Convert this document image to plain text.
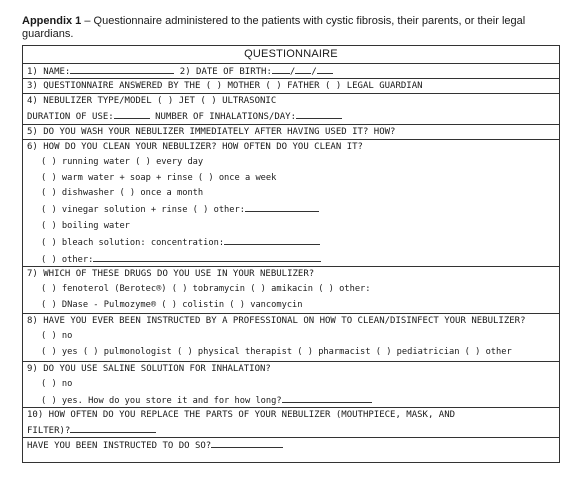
Appendix 1 – Questionnaire administered to the patients with cystic fibrosis, their parents, or their legal guardians.
QUESTIONNAIRE
1) NAME:	2) DATE OF BIRTH: / /
3) QUESTIONNAIRE ANSWERED BY THE ( ) MOTHER ( ) FATHER ( ) LEGAL GUARDIAN
4) NEBULIZER TYPE/MODEL ( ) JET ( ) ULTRASONIC
DURATION OF USE:	NUMBER OF INHALATIONS/DAY:
5) DO YOU WASH YOUR NEBULIZER IMMEDIATELY AFTER HAVING USED IT? HOW?
6) HOW DO YOU CLEAN YOUR NEBULIZER? HOW OFTEN DO YOU CLEAN IT?
( ) running water ( ) every day
( ) warm water + soap + rinse ( ) once a week
( ) dishwasher ( ) once a month
( ) vinegar solution + rinse ( ) other:
( ) boiling water
( ) bleach solution: concentration:
( ) other:
7) WHICH OF THESE DRUGS DO YOU USE IN YOUR NEBULIZER?
( ) fenoterol (Berotec®) ( ) tobramycin ( ) amikacin ( ) other:
( ) DNase - Pulmozyme® ( ) colistin ( ) vancomycin
8) HAVE YOU EVER BEEN INSTRUCTED BY A PROFESSIONAL ON HOW TO CLEAN/DISINFECT YOUR NEBULIZER?
( ) no
( ) yes ( ) pulmonologist ( ) physical therapist ( ) pharmacist ( ) pediatrician ( ) other
9) DO YOU USE SALINE SOLUTION FOR INHALATION?
( ) no
( ) yes. How do you store it and for how long?
10) HOW OFTEN DO YOU REPLACE THE PARTS OF YOUR NEBULIZER (MOUTHPIECE, MASK, AND
FILTER)?
HAVE YOU BEEN INSTRUCTED TO DO SO?
